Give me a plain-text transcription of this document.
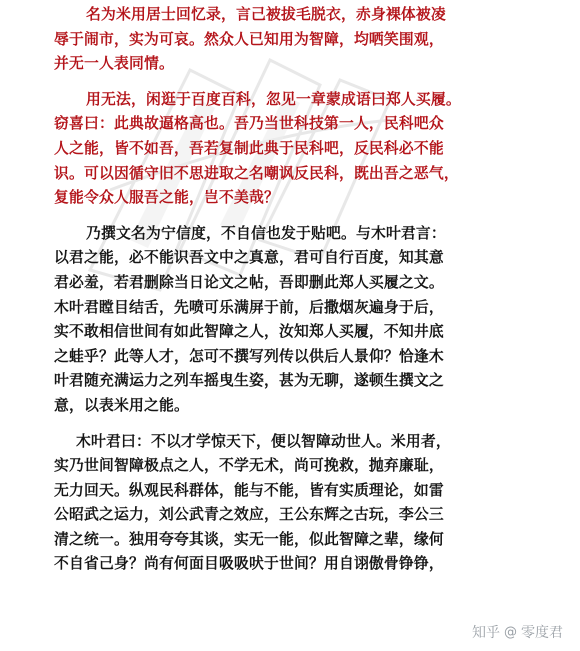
名为米用居士回忆录，言己被拔毛脱衣，赤身裸体被凌
辱于闹市，实为可哀。然众人已知用为智障，均哂笑围观，
并无一人表同情。
用无法，闲逛于百度百科，忽见一章蒙成语曰郑人买履。
窃喜曰：此典故逼格高也。吾乃当世科技第一人，民科吧众
人之能，皆不如吾，吾若复制此典于民科吧，反民科必不能
识。可以因循守旧不思进取之名嘲讽反民科，既出吾之恶气，
复能令众人服吾之能，岂不美哉？
乃撰文名为宁信度，不自信也发于贴吧。与木叶君言：
以君之能，必不能识吾文中之真意，君可自行百度，知其意
君必羞，若君删除当日论文之帖，吾即删此郑人买履之文。
木叶君瞠目结舌，先喷可乐满屏于前，后撒烟灰遍身于后，
实不敢相信世间有如此智障之人，汝知郑人买履，不知井底
之蛙乎？此等人才，怎可不撰写列传以供后人景仰？恰逢木
叶君随充满运力之列车摇曳生姿，甚为无聊，遂顿生撰文之
意，以表米用之能。
木叶君曰：不以才学惊天下，便以智障动世人。米用者，
实乃世间智障极点之人，不学无术，尚可挽救，抛弃廉耻，
无力回天。纵观民科群体，能与不能，皆有实质理论，如雷
公昭武之运力，刘公武青之效应，王公东辉之古玩，李公三
清之统一。独用夸夸其谈，实无一能，似此智障之辈，缘何
不自省己身？尚有何面目吸吸吠于世间？用自诩傲骨铮铮，
知乎 @ 零度君
